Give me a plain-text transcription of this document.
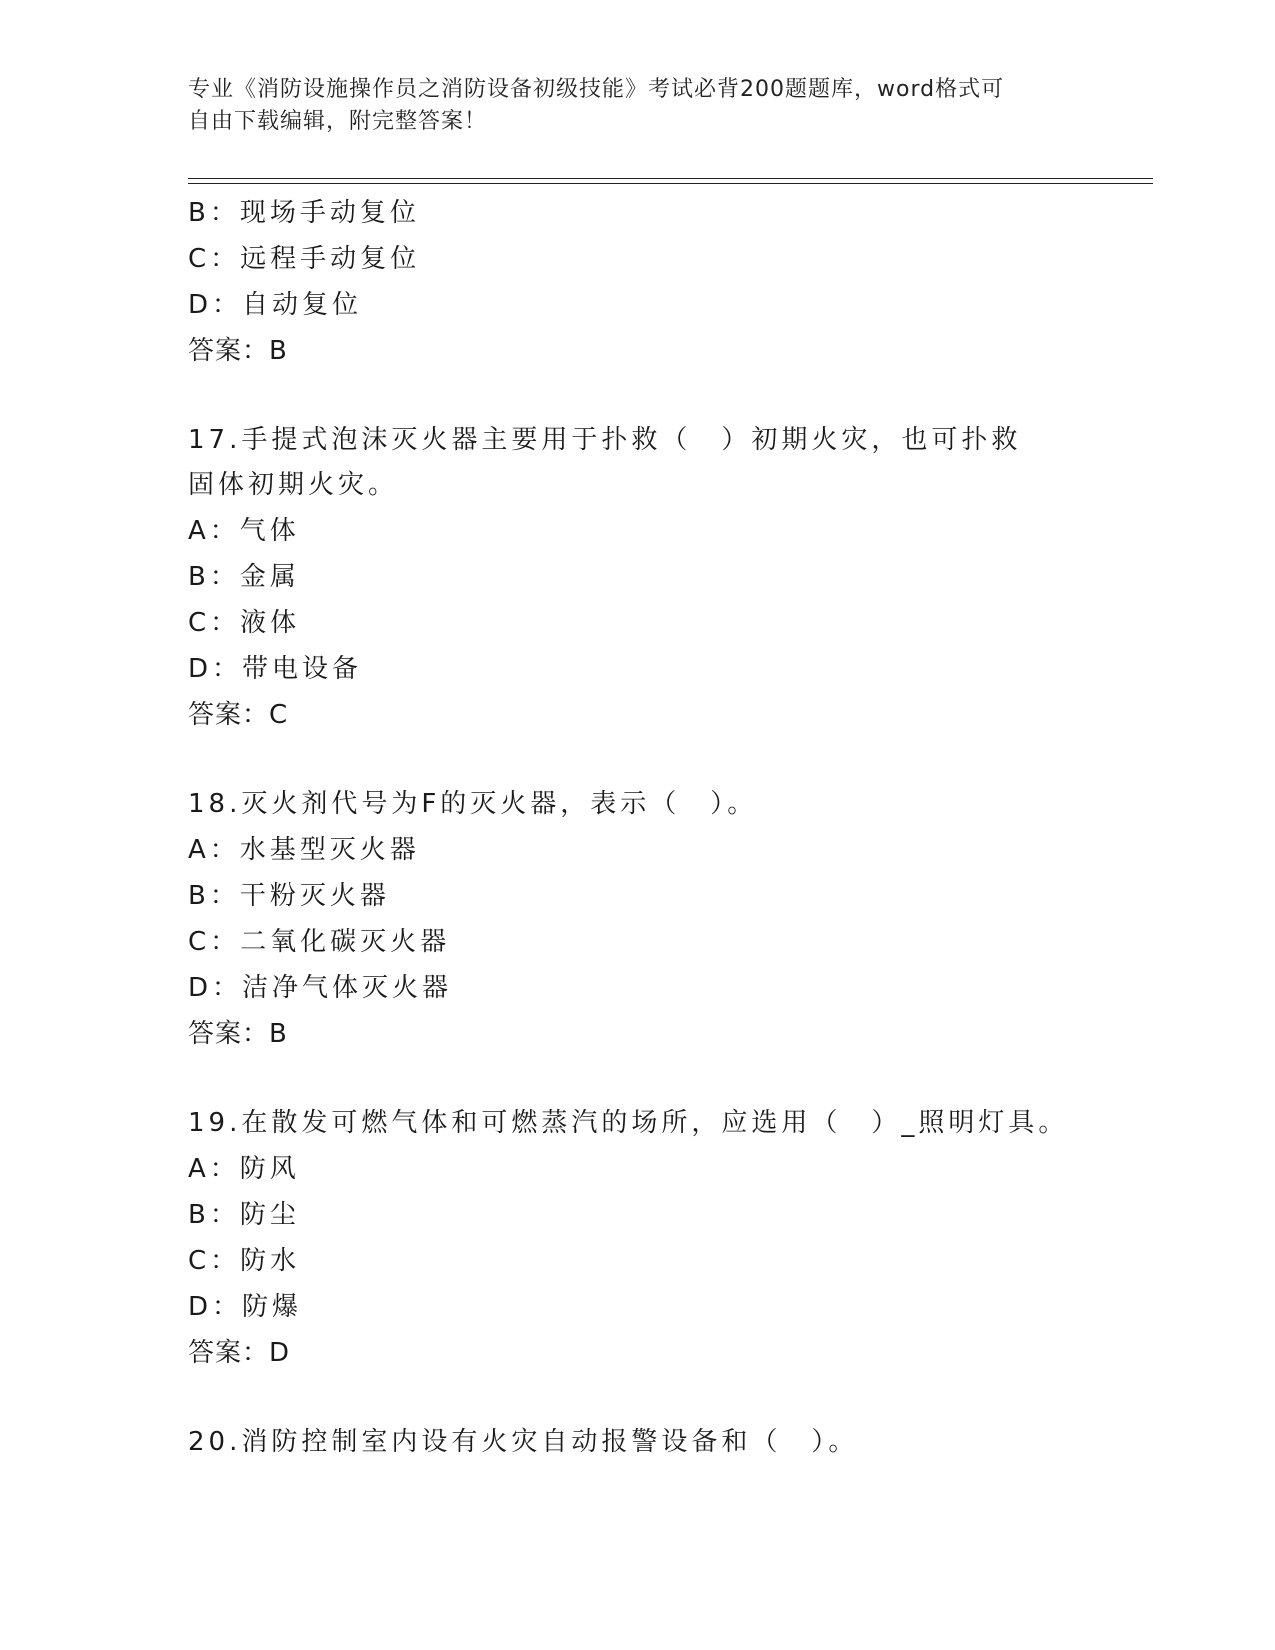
专业《消防设施操作员之消防设备初级技能》考试必背200题题库，word格式可
自由下载编辑，附完整答案！
B：现场手动复位
C：远程手动复位
D：自动复位
答案：B
17.手提式泡沫灭火器主要用于扑救（　）初期火灾，也可扑救固体初期火灾。
A：气体
B：金属
C：液体
D：带电设备
答案：C
18.灭火剂代号为F的灭火器，表示（　）。
A：水基型灭火器
B：干粉灭火器
C：二氧化碳灭火器
D：洁净气体灭火器
答案：B
19.在散发可燃气体和可燃蒸汽的场所，应选用（　）_照明灯具。
A：防风
B：防尘
C：防水
D：防爆
答案：D
20.消防控制室内设有火灾自动报警设备和（　）。
